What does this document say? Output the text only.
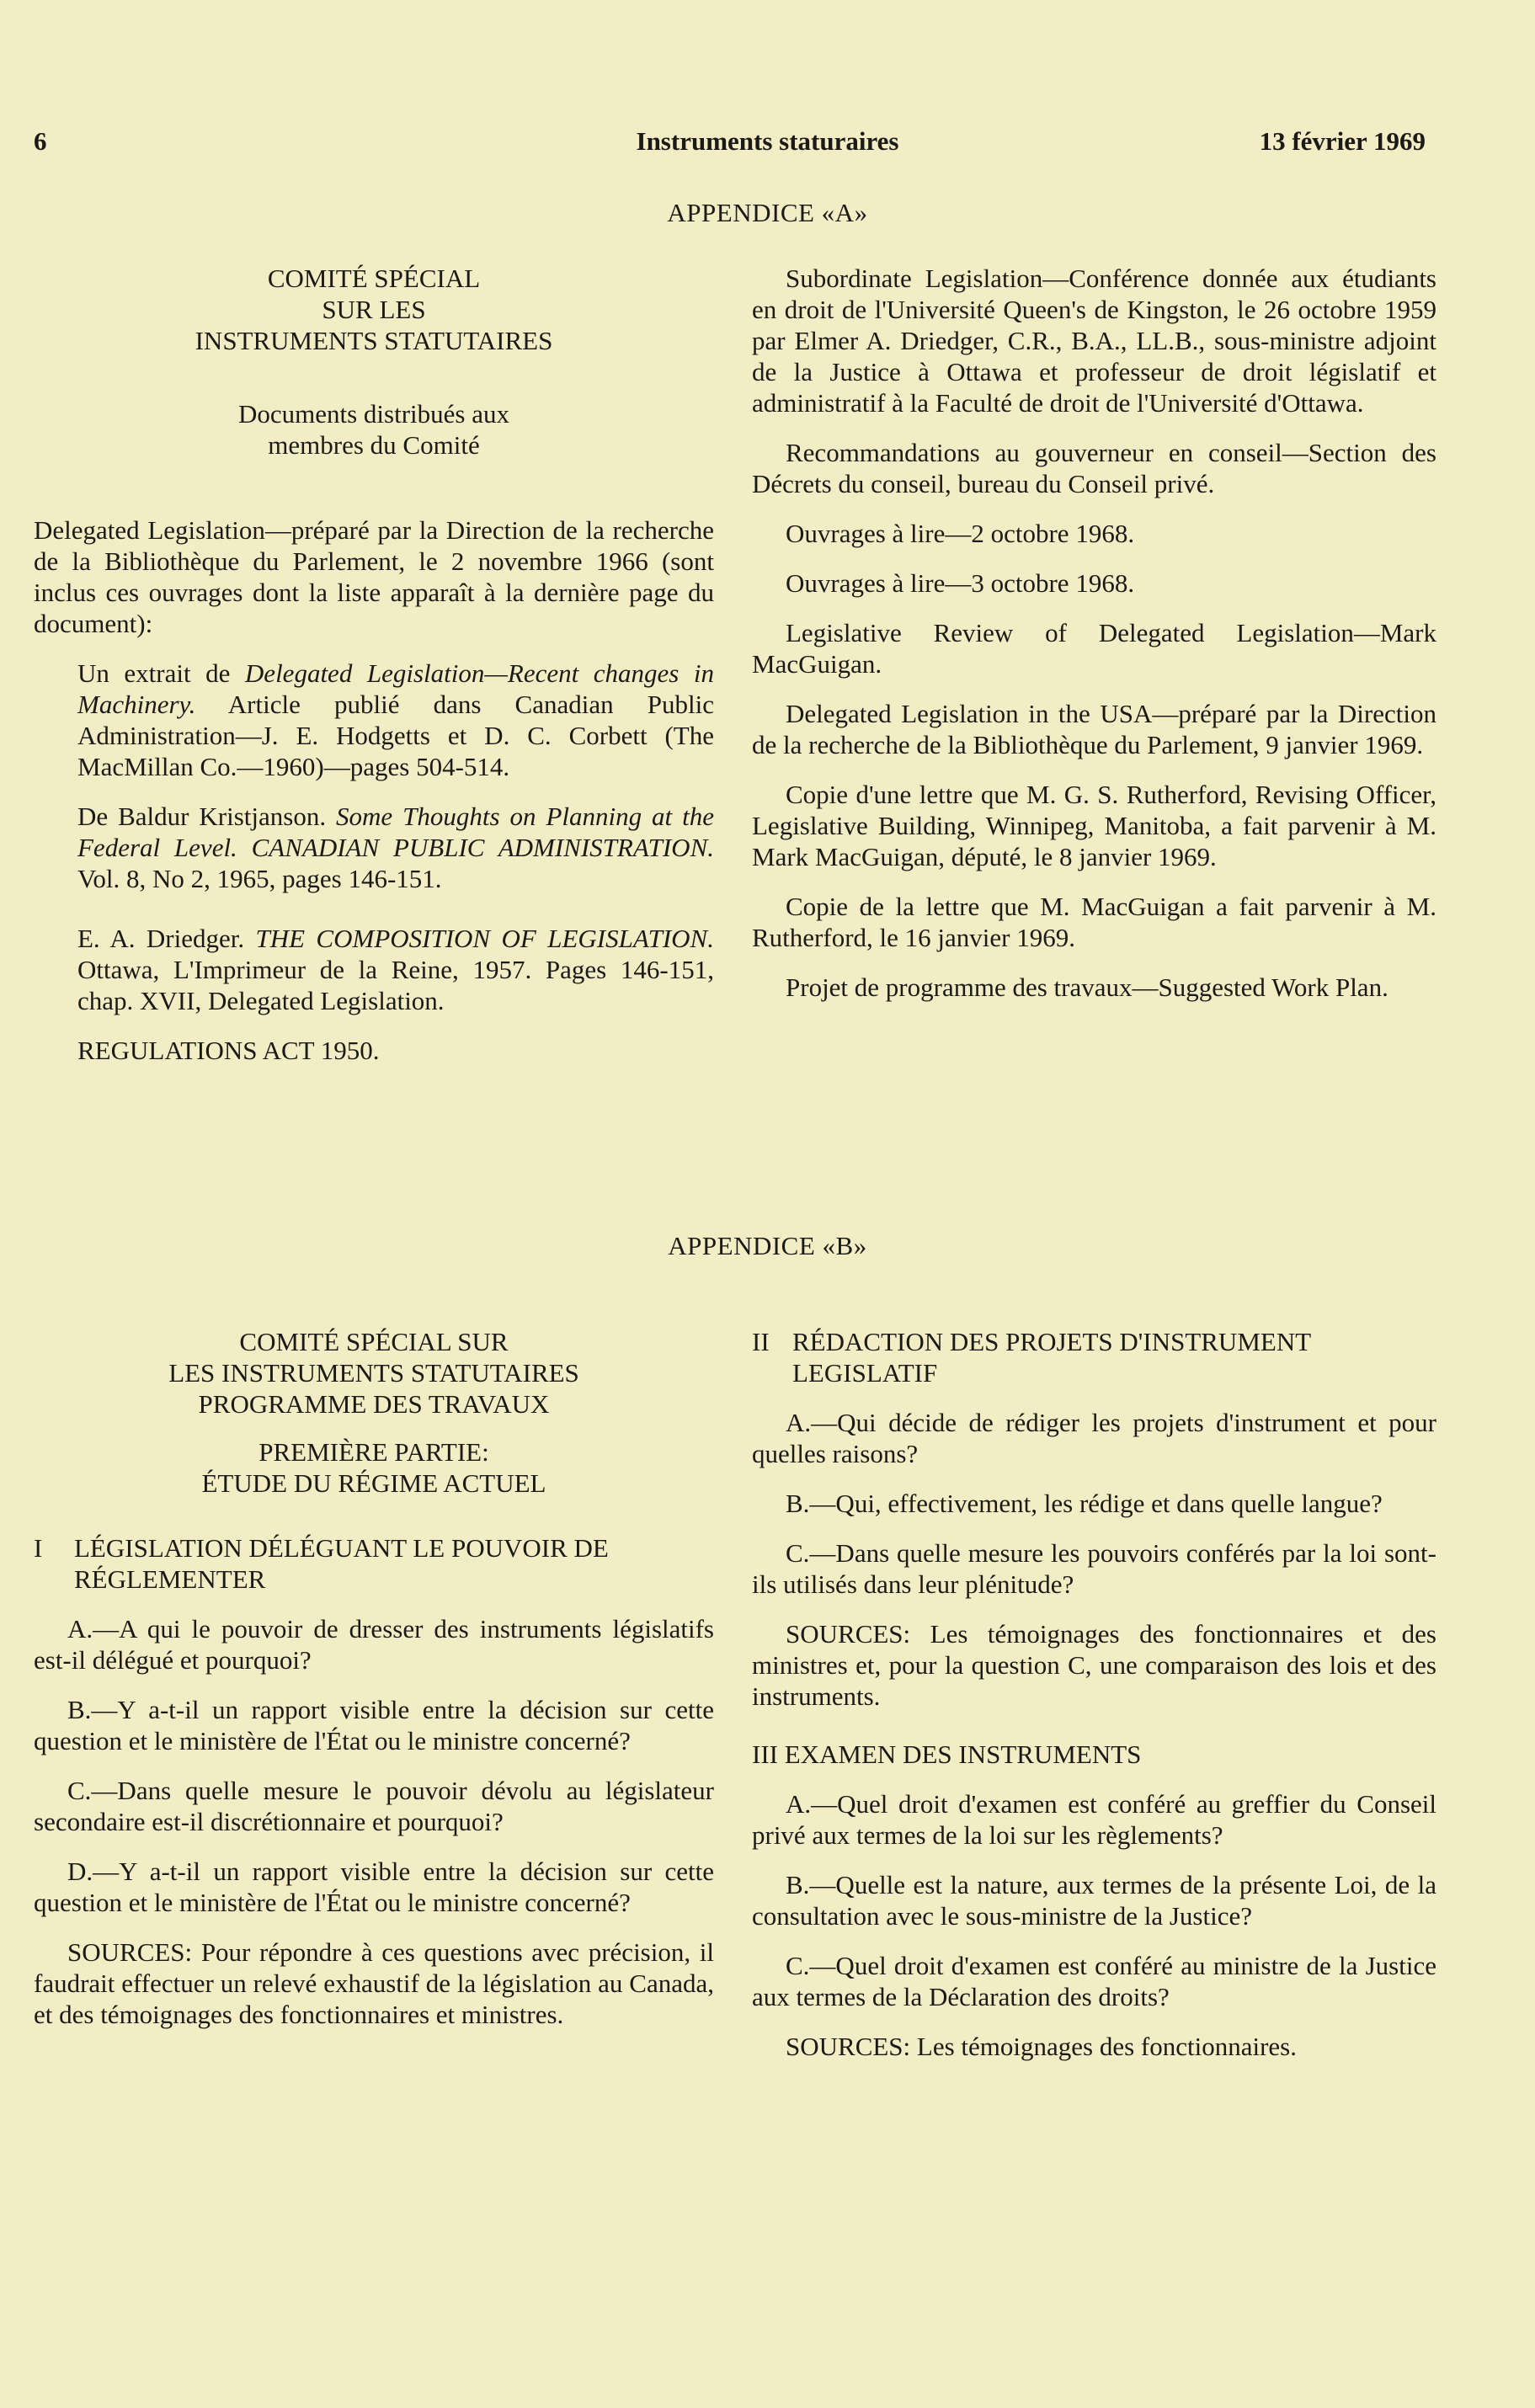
6	Instruments staturaires	13 février 1969
APPENDICE «A»
COMITÉ SPÉCIAL
SUR LES
INSTRUMENTS STATUTAIRES
Documents distribués aux
membres du Comité

Delegated Legislation—préparé par la Direction de la recherche de la Bibliothèque du Parlement, le 2 novembre 1966 (sont inclus ces ouvrages dont la liste apparaît à la dernière page du document):

Un extrait de Delegated Legislation—Recent changes in Machinery. Article publié dans Canadian Public Administration—J. E. Hodgetts et D. C. Corbett (The MacMillan Co.—1960)—pages 504-514.

De Baldur Kristjanson. Some Thoughts on Planning at the Federal Level. CANADIAN PUBLIC ADMINISTRATION. Vol. 8, No 2, 1965, pages 146-151.

E. A. Driedger. THE COMPOSITION OF LEGISLATION. Ottawa, L'Imprimeur de la Reine, 1957. Pages 146-151, chap. XVII, Delegated Legislation.

REGULATIONS ACT 1950.

Subordinate Legislation—Conférence donnée aux étudiants en droit de l'Université Queen's de Kingston, le 26 octobre 1959 par Elmer A. Driedger, C.R., B.A., LL.B., sous-ministre adjoint de la Justice à Ottawa et professeur de droit législatif et administratif à la Faculté de droit de l'Université d'Ottawa.

Recommandations au gouverneur en conseil—Section des Décrets du conseil, bureau du Conseil privé.

Ouvrages à lire—2 octobre 1968.

Ouvrages à lire—3 octobre 1968.

Legislative Review of Delegated Legislation—Mark MacGuigan.

Delegated Legislation in the USA—préparé par la Direction de la recherche de la Bibliothèque du Parlement, 9 janvier 1969.

Copie d'une lettre que M. G. S. Rutherford, Revising Officer, Legislative Building, Winnipeg, Manitoba, a fait parvenir à M. Mark MacGuigan, député, le 8 janvier 1969.

Copie de la lettre que M. MacGuigan a fait parvenir à M. Rutherford, le 16 janvier 1969.

Projet de programme des travaux—Suggested Work Plan.

APPENDICE «B»
COMITÉ SPÉCIAL SUR
LES INSTRUMENTS STATUTAIRES
PROGRAMME DES TRAVAUX
PREMIÈRE PARTIE:
ÉTUDE DU RÉGIME ACTUEL
I	LÉGISLATION DÉLÉGUANT LE POUVOIR DE RÉGLEMENTER

A.—A qui le pouvoir de dresser des instruments législatifs est-il délégué et pourquoi?

B.—Y a-t-il un rapport visible entre la décision sur cette question et le ministère de l'État ou le ministre concerné?

C.—Dans quelle mesure le pouvoir dévolu au législateur secondaire est-il discrétionnaire et pourquoi?

D.—Y a-t-il un rapport visible entre la décision sur cette question et le ministère de l'État ou le ministre concerné?

SOURCES: Pour répondre à ces questions avec précision, il faudrait effectuer un relevé exhaustif de la législation au Canada, et des témoignages des fonctionnaires et ministres.

II RÉDACTION DES PROJETS D'INSTRUMENT LEGISLATIF

A.—Qui décide de rédiger les projets d'instrument et pour quelles raisons?

B.—Qui, effectivement, les rédige et dans quelle langue?

C.—Dans quelle mesure les pouvoirs conférés par la loi sont-ils utilisés dans leur plénitude?

SOURCES: Les témoignages des fonctionnaires et des ministres et, pour la question C, une comparaison des lois et des instruments.

III EXAMEN DES INSTRUMENTS

A.—Quel droit d'examen est conféré au greffier du Conseil privé aux termes de la loi sur les règlements?

B.—Quelle est la nature, aux termes de la présente Loi, de la consultation avec le sous-ministre de la Justice?

C.—Quel droit d'examen est conféré au ministre de la Justice aux termes de la Déclaration des droits?

SOURCES: Les témoignages des fonctionnaires.
